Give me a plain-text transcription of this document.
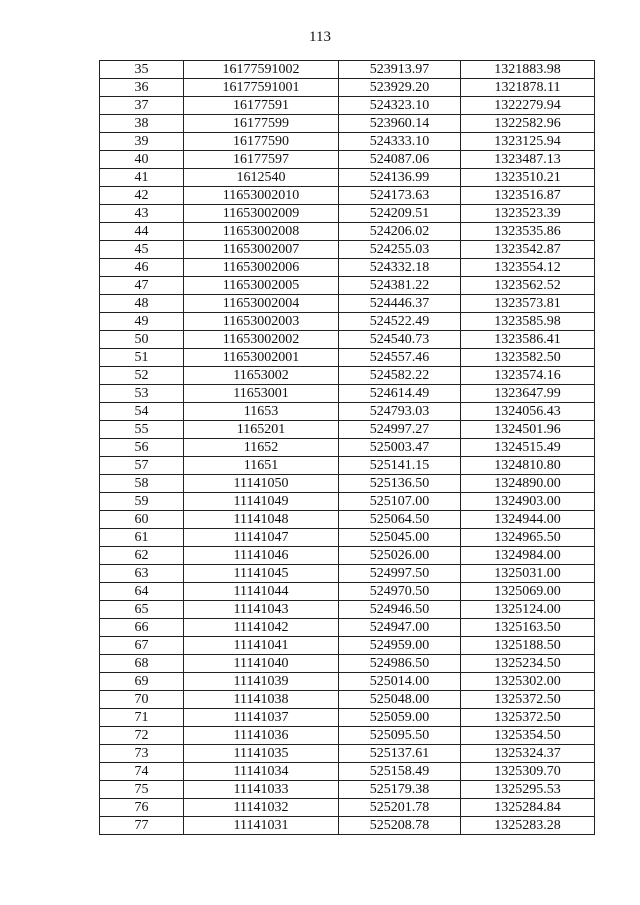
113
35	16177591002	523913.97	1321883.98
36	16177591001	523929.20	1321878.11
37	16177591	524323.10	1322279.94
38	16177599	523960.14	1322582.96
39	16177590	524333.10	1323125.94
40	16177597	524087.06	1323487.13
41	1612540	524136.99	1323510.21
42	11653002010	524173.63	1323516.87
43	11653002009	524209.51	1323523.39
44	11653002008	524206.02	1323535.86
45	11653002007	524255.03	1323542.87
46	11653002006	524332.18	1323554.12
47	11653002005	524381.22	1323562.52
48	11653002004	524446.37	1323573.81
49	11653002003	524522.49	1323585.98
50	11653002002	524540.73	1323586.41
51	11653002001	524557.46	1323582.50
52	11653002	524582.22	1323574.16
53	11653001	524614.49	1323647.99
54	11653	524793.03	1324056.43
55	1165201	524997.27	1324501.96
56	11652	525003.47	1324515.49
57	11651	525141.15	1324810.80
58	11141050	525136.50	1324890.00
59	11141049	525107.00	1324903.00
60	11141048	525064.50	1324944.00
61	11141047	525045.00	1324965.50
62	11141046	525026.00	1324984.00
63	11141045	524997.50	1325031.00
64	11141044	524970.50	1325069.00
65	11141043	524946.50	1325124.00
66	11141042	524947.00	1325163.50
67	11141041	524959.00	1325188.50
68	11141040	524986.50	1325234.50
69	11141039	525014.00	1325302.00
70	11141038	525048.00	1325372.50
71	11141037	525059.00	1325372.50
72	11141036	525095.50	1325354.50
73	11141035	525137.61	1325324.37
74	11141034	525158.49	1325309.70
75	11141033	525179.38	1325295.53
76	11141032	525201.78	1325284.84
77	11141031	525208.78	1325283.28
